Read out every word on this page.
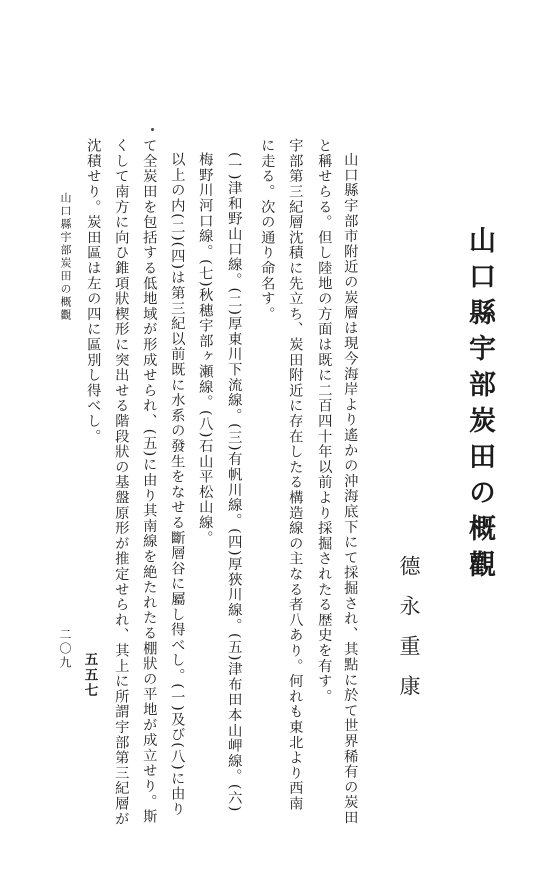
山口縣宇部炭田の概觀
德永重康
山口縣宇部市附近の炭層は現今海岸より遙かの沖海底下にて採掘され、其點に於て世界稀有の炭田
と稱せらる。但し陸地の方面は既に二百四十年以前より採掘されたる歴史を有す。
宇部第三紀層沈積に先立ち、炭田附近に存在したる構造線の主なる者八あり。何れも東北より西南
に走る。次の通り命名す。
(一)津和野山口線。(二)厚東川下流線。(三)有帆川線。(四)厚狹川線。(五)津布田本山岬線。(六)
梅野川河口線。(七)秋穗宇部ヶ瀬線。(八)石山平松山線。
以上の内(二)(四)は第三紀以前既に水系の發生をなせる斷層谷に屬し得べし。(一)及び(八)に由り
て全炭田を包括する低地域が形成せられ、(五)に由り其南線を絶たれたる棚狀の平地が成立せり。斯
くして南方に向ひ錐項狀楔形に突出せる階段狀の基盤原形が推定せられ、其上に所謂宇部第三紀層が
沈積せり。炭田區は左の四に區別し得べし。
山口縣宇部炭田の概觀
二〇九
五五七
